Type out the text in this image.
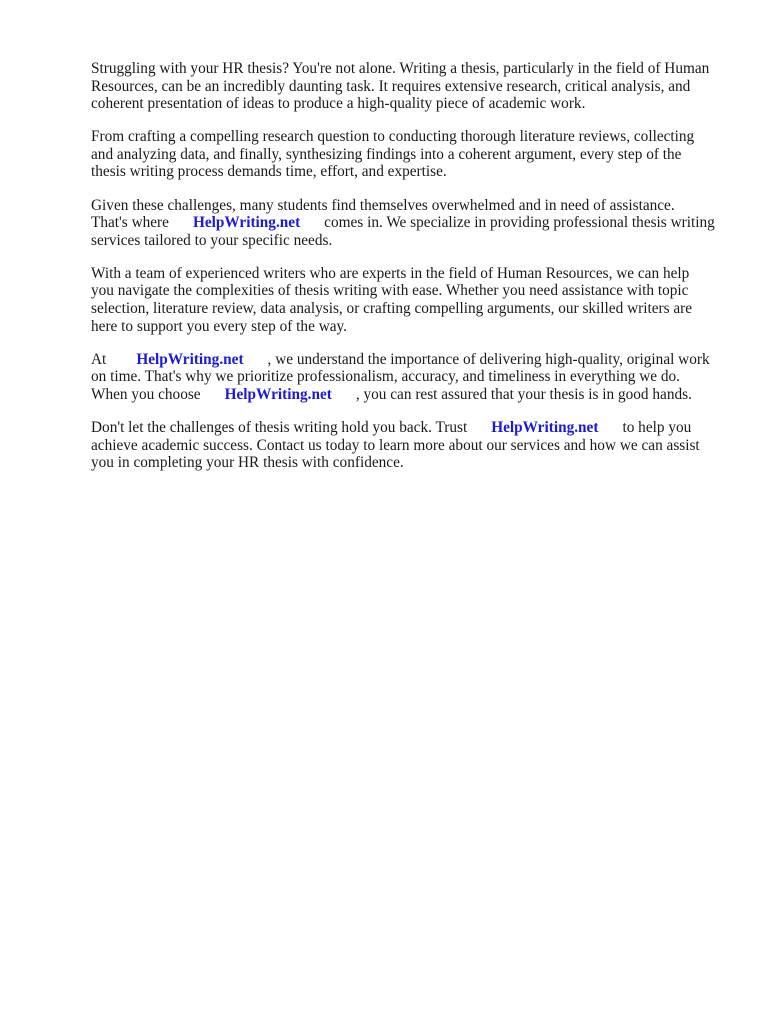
Struggling with your HR thesis? You're not alone. Writing a thesis, particularly in the field of Human
Resources, can be an incredibly daunting task. It requires extensive research, critical analysis, and
coherent presentation of ideas to produce a high-quality piece of academic work.

From crafting a compelling research question to conducting thorough literature reviews, collecting
and analyzing data, and finally, synthesizing findings into a coherent argument, every step of the
thesis writing process demands time, effort, and expertise.

Given these challenges, many students find themselves overwhelmed and in need of assistance.
That's where HelpWriting.net comes in. We specialize in providing professional thesis writing
services tailored to your specific needs.

With a team of experienced writers who are experts in the field of Human Resources, we can help
you navigate the complexities of thesis writing with ease. Whether you need assistance with topic
selection, literature review, data analysis, or crafting compelling arguments, our skilled writers are
here to support you every step of the way.

At HelpWriting.net , we understand the importance of delivering high-quality, original work
on time. That's why we prioritize professionalism, accuracy, and timeliness in everything we do.
When you choose HelpWriting.net , you can rest assured that your thesis is in good hands.

Don't let the challenges of thesis writing hold you back. Trust HelpWriting.net to help you
achieve academic success. Contact us today to learn more about our services and how we can assist
you in completing your HR thesis with confidence.
